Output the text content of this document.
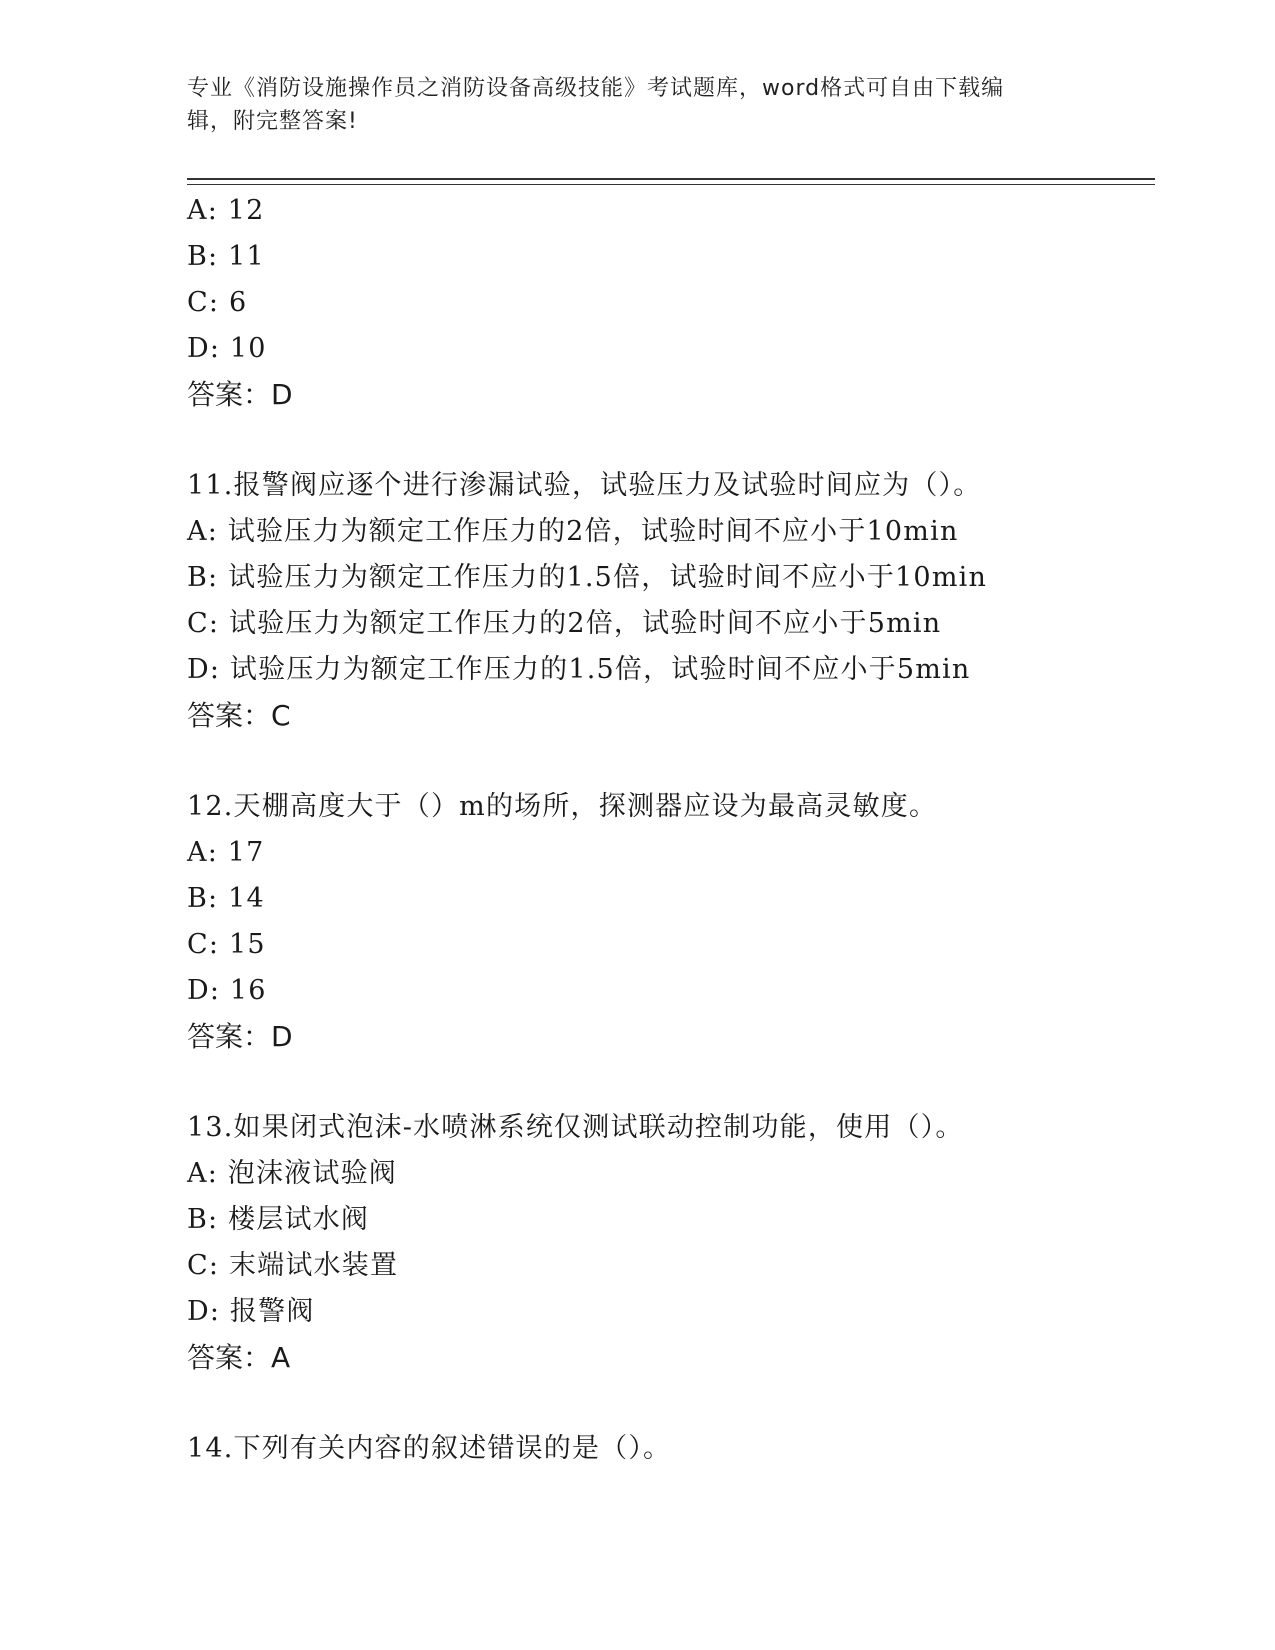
专业《消防设施操作员之消防设备高级技能》考试题库，word格式可自由下载编
辑，附完整答案!
A: 12
B: 11
C: 6
D: 10
答案：D
11.报警阀应逐个进行渗漏试验，试验压力及试验时间应为（）。
A: 试验压力为额定工作压力的2倍，试验时间不应小于10min
B: 试验压力为额定工作压力的1.5倍，试验时间不应小于10min
C: 试验压力为额定工作压力的2倍，试验时间不应小于5min
D: 试验压力为额定工作压力的1.5倍，试验时间不应小于5min
答案：C
12.天棚高度大于（）m的场所，探测器应设为最高灵敏度。
A: 17
B: 14
C: 15
D: 16
答案：D
13.如果闭式泡沫-水喷淋系统仅测试联动控制功能，使用（）。
A: 泡沫液试验阀
B: 楼层试水阀
C: 末端试水装置
D: 报警阀
答案：A
14.下列有关内容的叙述错误的是（）。
